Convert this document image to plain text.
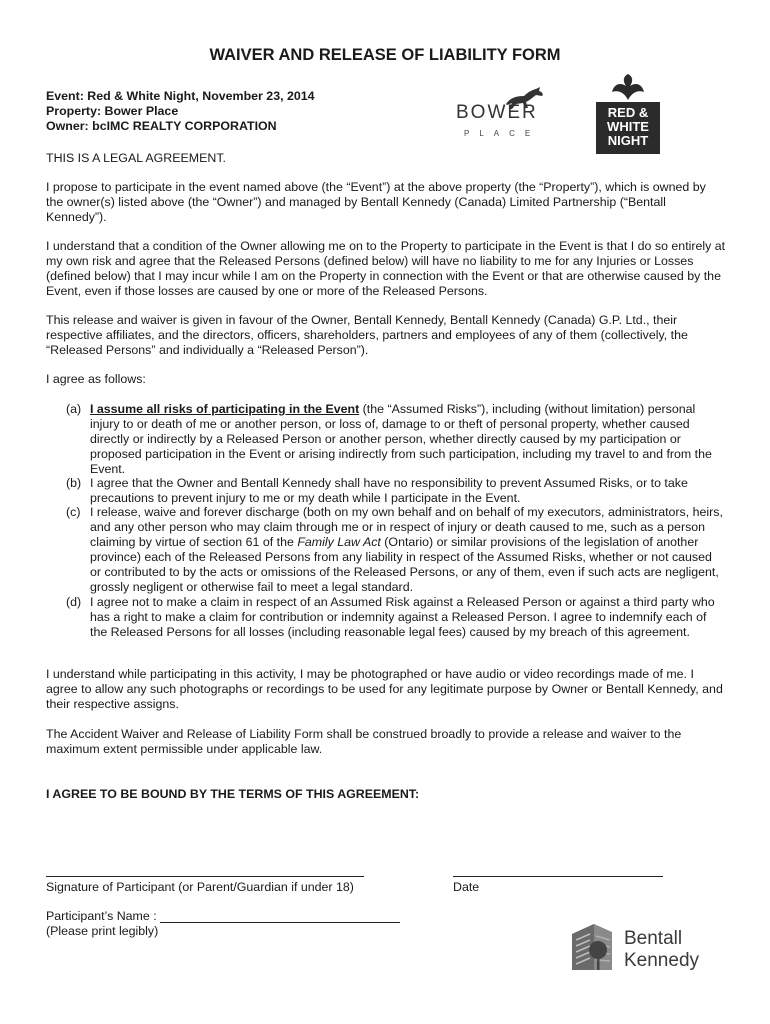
WAIVER AND RELEASE OF LIABILITY FORM
Event: Red & White Night, November 23, 2014
Property: Bower Place
Owner: bcIMC REALTY CORPORATION
BOWER
PLACE
RED &
WHITE
NIGHT
THIS IS A LEGAL AGREEMENT.
I propose to participate in the event named above (the “Event”) at the above property (the “Property”), which is owned by the owner(s) listed above (the “Owner”) and managed by Bentall Kennedy (Canada) Limited Partnership (“Bentall Kennedy”).
I understand that a condition of the Owner allowing me on to the Property to participate in the Event is that I do so entirely at my own risk and agree that the Released Persons (defined below) will have no liability to me for any Injuries or Losses (defined below) that I may incur while I am on the Property in connection with the Event or that are otherwise caused by the Event, even if those losses are caused by one or more of the Released Persons.
This release and waiver is given in favour of the Owner, Bentall Kennedy, Bentall Kennedy (Canada) G.P. Ltd., their respective affiliates, and the directors, officers, shareholders, partners and employees of any of them (collectively, the “Released Persons” and individually a “Released Person”).
I agree as follows:
(a) I assume all risks of participating in the Event (the “Assumed Risks”), including (without limitation) personal injury to or death of me or another person, or loss of, damage to or theft of personal property, whether caused directly or indirectly by a Released Person or another person, whether directly caused by my participation or proposed participation in the Event or arising indirectly from such participation, including my travel to and from the Event.
(b) I agree that the Owner and Bentall Kennedy shall have no responsibility to prevent Assumed Risks, or to take precautions to prevent injury to me or my death while I participate in the Event.
(c) I release, waive and forever discharge (both on my own behalf and on behalf of my executors, administrators, heirs, and any other person who may claim through me or in respect of injury or death caused to me, such as a person claiming by virtue of section 61 of the Family Law Act (Ontario) or similar provisions of the legislation of another province) each of the Released Persons from any liability in respect of the Assumed Risks, whether or not caused or contributed to by the acts or omissions of the Released Persons, or any of them, even if such acts are negligent, grossly negligent or otherwise fail to meet a legal standard.
(d) I agree not to make a claim in respect of an Assumed Risk against a Released Person or against a third party who has a right to make a claim for contribution or indemnity against a Released Person. I agree to indemnify each of the Released Persons for all losses (including reasonable legal fees) caused by my breach of this agreement.
I understand while participating in this activity, I may be photographed or have audio or video recordings made of me. I agree to allow any such photographs or recordings to be used for any legitimate purpose by Owner or Bentall Kennedy, and their respective assigns.
The Accident Waiver and Release of Liability Form shall be construed broadly to provide a release and waiver to the maximum extent permissible under applicable law.
I AGREE TO BE BOUND BY THE TERMS OF THIS AGREEMENT:
Signature of Participant (or Parent/Guardian if under 18)	Date
Participant’s Name :
(Please print legibly)	Bentall
Kennedy
